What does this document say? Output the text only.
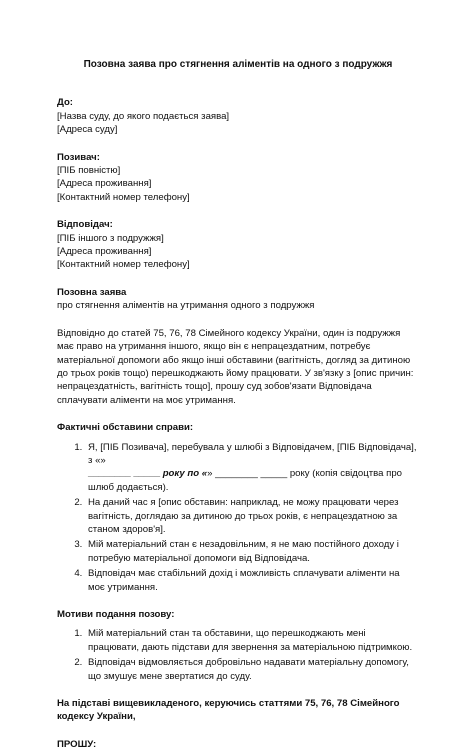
Позовна заява про стягнення аліментів на одного з подружжя
До:
[Назва суду, до якого подається заява]
[Адреса суду]
Позивач:
[ПІБ повністю]
[Адреса проживання]
[Контактний номер телефону]
Відповідач:
[ПІБ іншого з подружжя]
[Адреса проживання]
[Контактний номер телефону]
Позовна заява
про стягнення аліментів на утримання одного з подружжя

Відповідно до статей 75, 76, 78 Сімейного кодексу України, один із подружжя має право на утримання іншого, якщо він є непрацездатним, потребує матеріальної допомоги або якщо інші обставини (вагітність, догляд за дитиною до трьох років тощо) перешкоджають йому працювати. У зв'язку з [опис причин: непрацездатність, вагітність тощо], прошу суд зобов'язати Відповідача сплачувати аліменти на моє утримання.

Фактичні обставини справи:
1. Я, [ПІБ Позивача], перебувала у шлюбі з Відповідачем, [ПІБ Відповідача], з «»
________ _____ року по «» ________ _____ року (копія свідоцтва про шлюб додається).
2. На даний час я [опис обставин: наприклад, не можу працювати через вагітність, доглядаю за дитиною до трьох років, є непрацездатною за станом здоров'я].
3. Мій матеріальний стан є незадовільним, я не маю постійного доходу і потребую матеріальної допомоги від Відповідача.
4. Відповідач має стабільний дохід і можливість сплачувати аліменти на моє утримання.
Мотиви подання позову:
1. Мій матеріальний стан та обставини, що перешкоджають мені працювати, дають підстави для звернення за матеріальною підтримкою.
2. Відповідач відмовляється добровільно надавати матеріальну допомогу, що змушує мене звертатися до суду.
На підставі вищевикладеного, керуючись статтями 75, 76, 78 Сімейного кодексу України,
ПРОШУ:
